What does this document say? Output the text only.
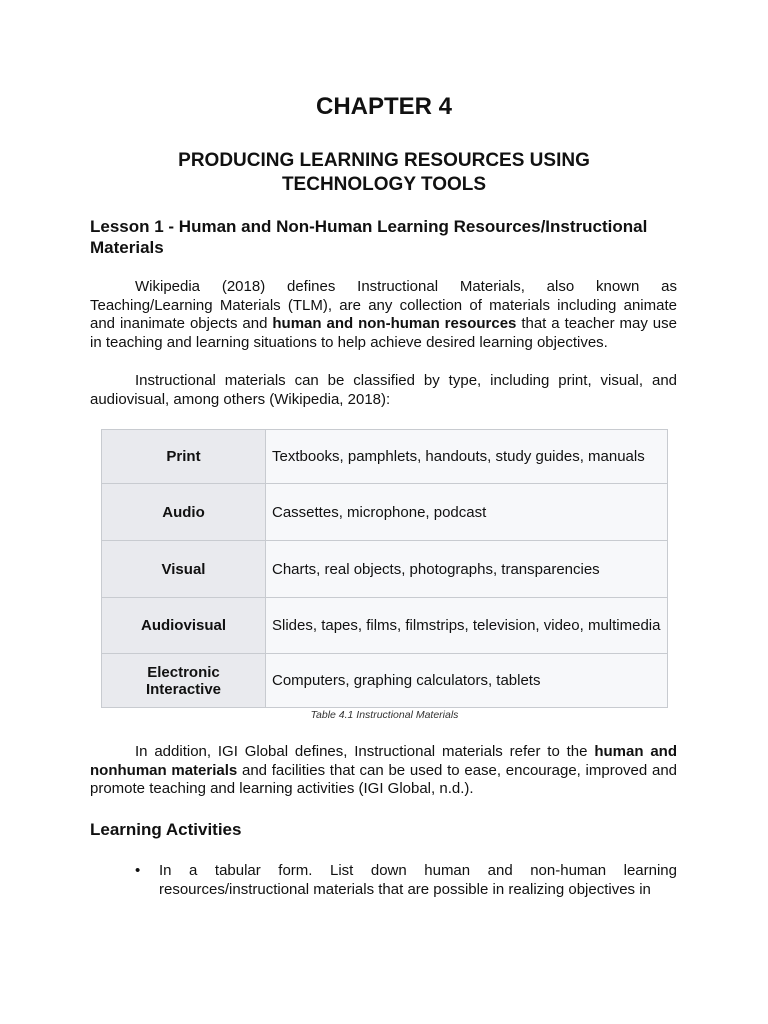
CHAPTER 4
PRODUCING LEARNING RESOURCES USING TECHNOLOGY TOOLS
Lesson 1 - Human and Non-Human Learning Resources/Instructional Materials
Wikipedia (2018) defines Instructional Materials, also known as Teaching/Learning Materials (TLM), are any collection of materials including animate and inanimate objects and human and non-human resources that a teacher may use in teaching and learning situations to help achieve desired learning objectives.
Instructional materials can be classified by type, including print, visual, and audiovisual, among others (Wikipedia, 2018):
Print	Textbooks, pamphlets, handouts, study guides, manuals
Audio	Cassettes, microphone, podcast
Visual	Charts, real objects, photographs, transparencies
Audiovisual	Slides, tapes, films, filmstrips, television, video, multimedia
Electronic Interactive	Computers, graphing calculators, tablets
Table 4.1 Instructional Materials
In addition, IGI Global defines, Instructional materials refer to the human and nonhuman materials and facilities that can be used to ease, encourage, improved and promote teaching and learning activities (IGI Global, n.d.).
Learning Activities
• In a tabular form. List down human and non-human learning resources/instructional materials that are possible in realizing objectives in
